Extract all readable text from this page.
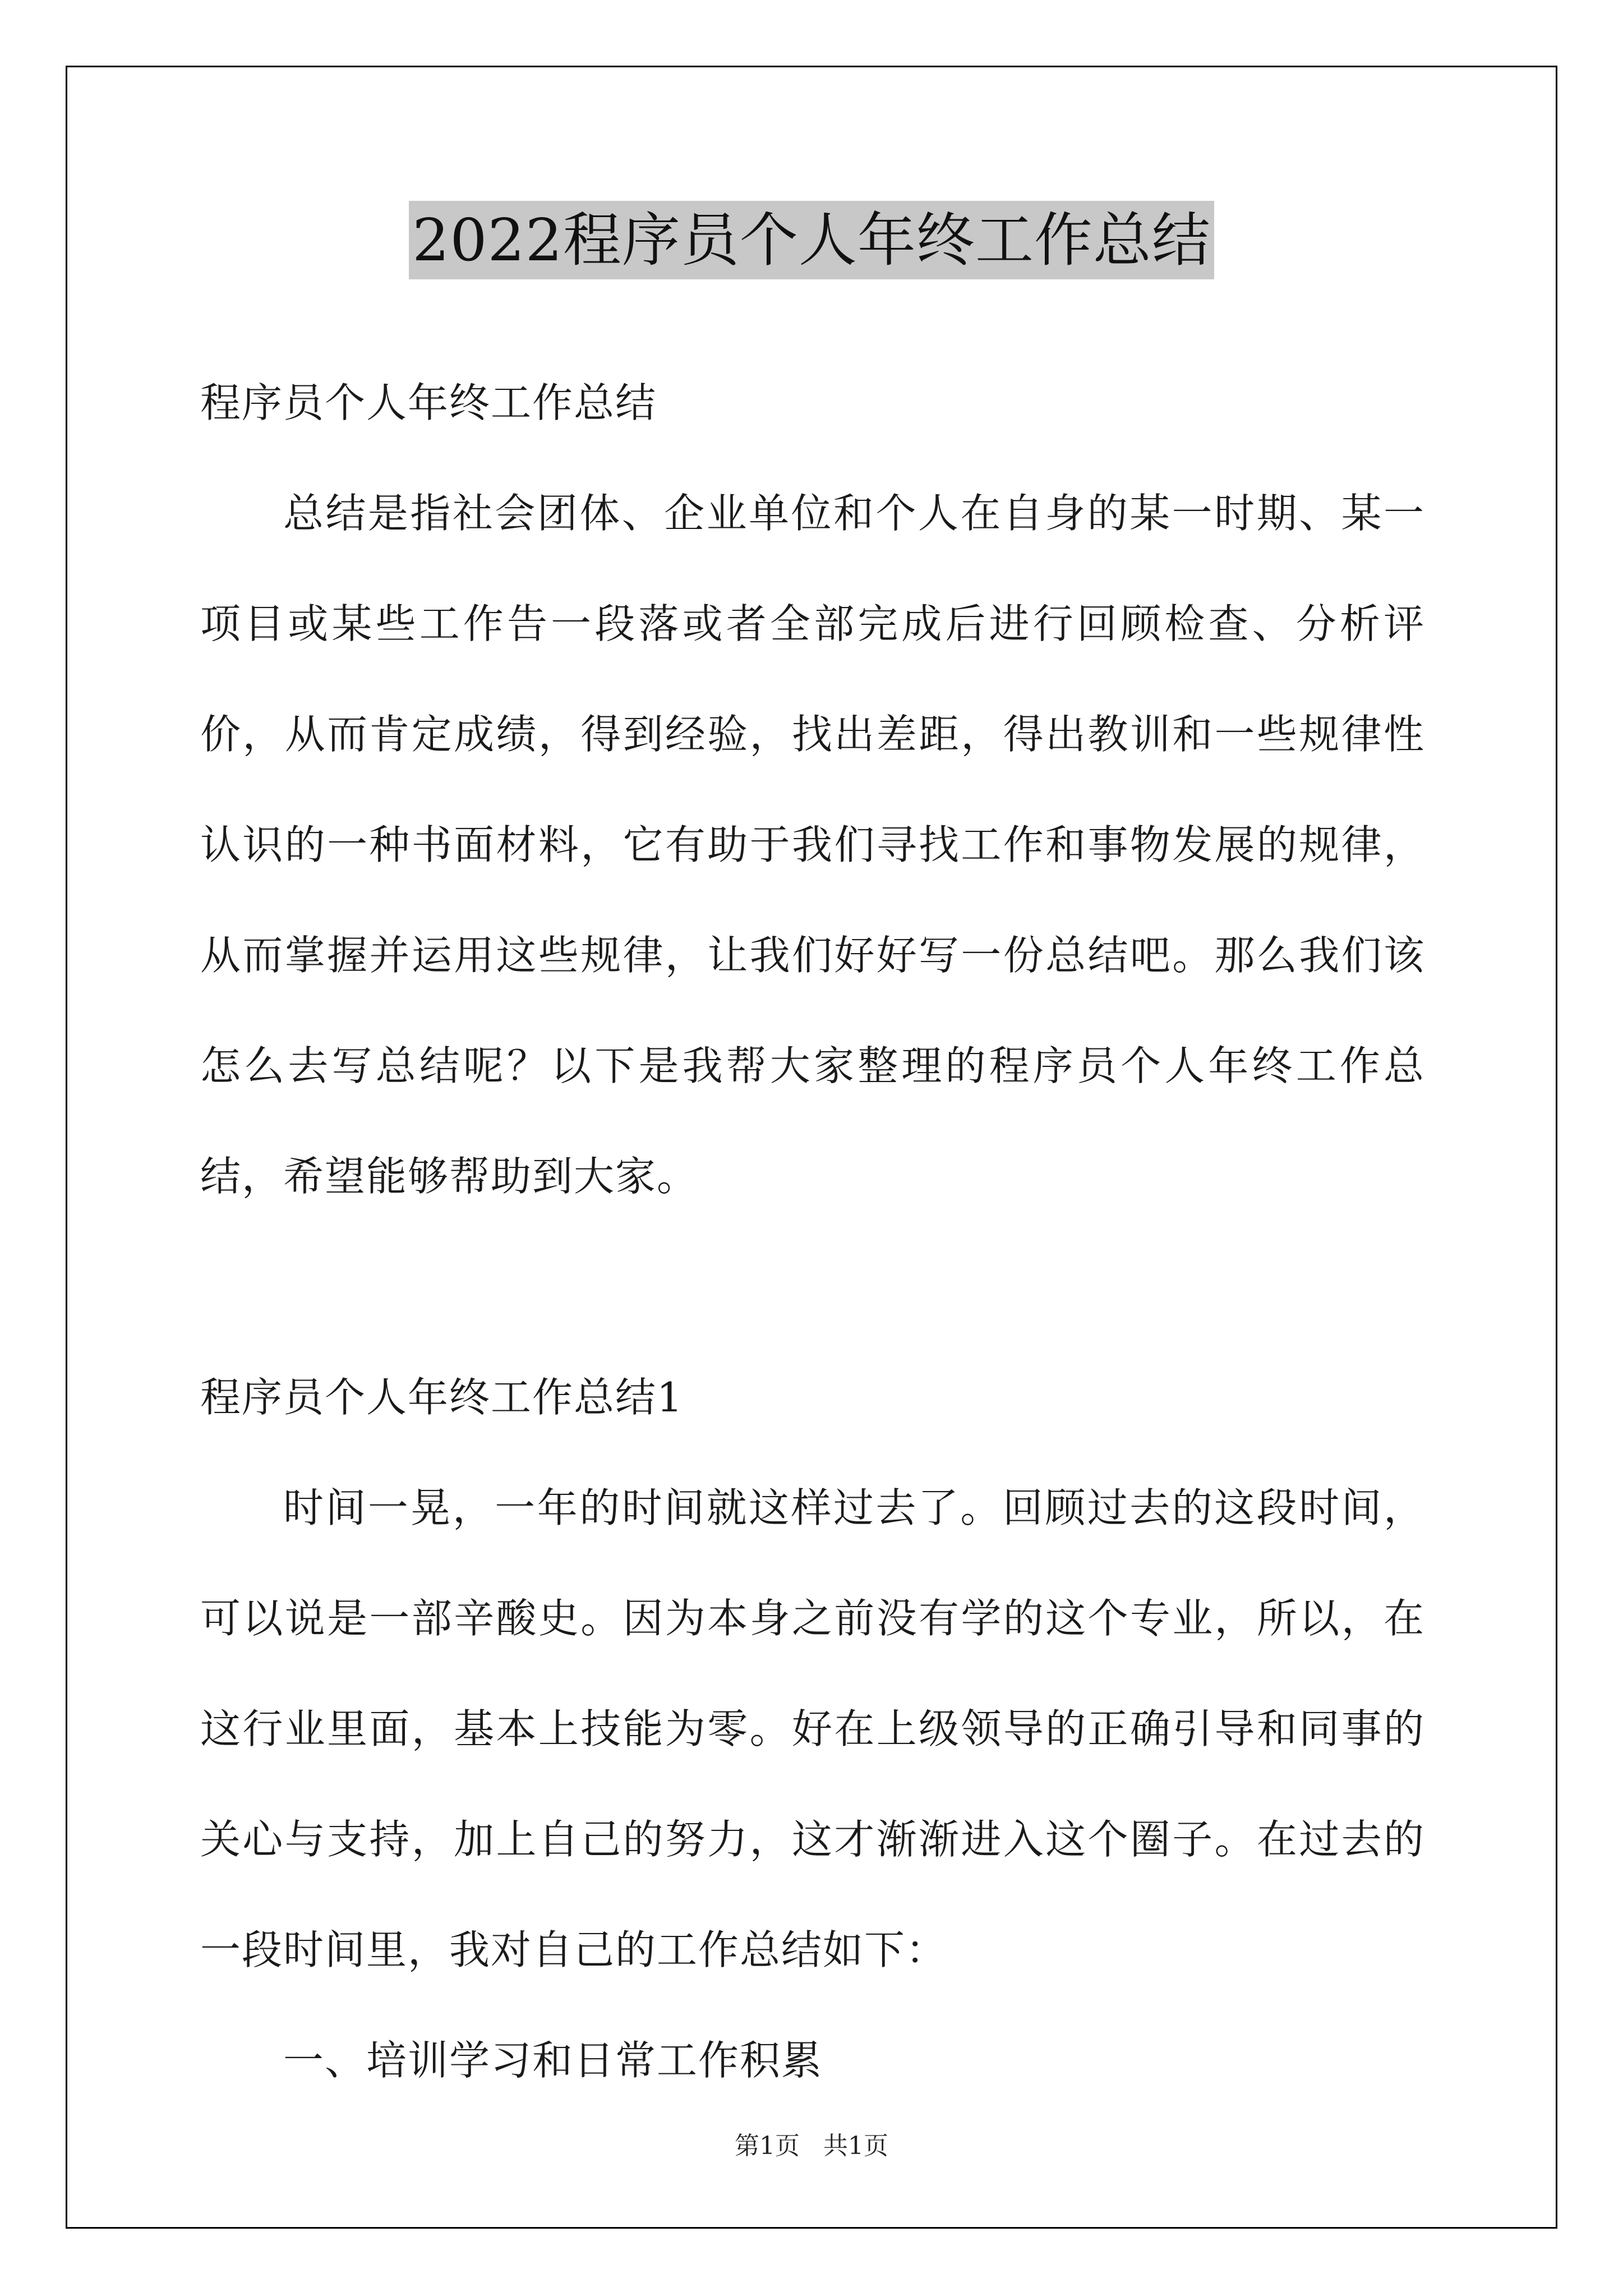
2022程序员个人年终工作总结

程序员个人年终工作总结

总结是指社会团体、企业单位和个人在自身的某一时期、某一项目或某些工作告一段落或者全部完成后进行回顾检查、分析评价，从而肯定成绩，得到经验，找出差距，得出教训和一些规律性认识的一种书面材料，它有助于我们寻找工作和事物发展的规律，从而掌握并运用这些规律，让我们好好写一份总结吧。那么我们该怎么去写总结呢？以下是我帮大家整理的程序员个人年终工作总结，希望能够帮助到大家。

程序员个人年终工作总结1

时间一晃，一年的时间就这样过去了。回顾过去的这段时间，可以说是一部辛酸史。因为本身之前没有学的这个专业，所以，在这行业里面，基本上技能为零。好在上级领导的正确引导和同事的关心与支持，加上自己的努力，这才渐渐进入这个圈子。在过去的一段时间里，我对自己的工作总结如下：

一、培训学习和日常工作积累

第1页 共1页
